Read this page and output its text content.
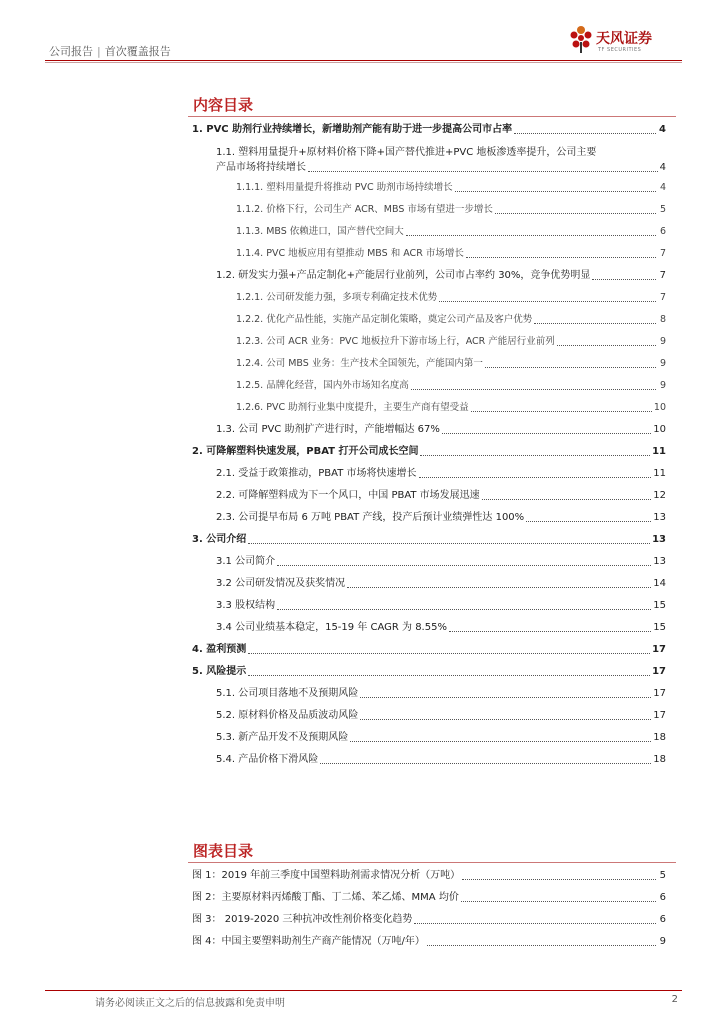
公司报告 | 首次覆盖报告
天风证券
TF SECURITIES
内容目录
1. PVC 助剂行业持续增长，新增助剂产能有助于进一步提高公司市占率	4
1.1. 塑料用量提升+原材料价格下降+国产替代推进+PVC 地板渗透率提升，公司主要
产品市场将持续增长	4
1.1.1. 塑料用量提升将推动 PVC 助剂市场持续增长	4
1.1.2. 价格下行，公司生产 ACR、MBS 市场有望进一步增长	5
1.1.3. MBS 依赖进口，国产替代空间大	6
1.1.4. PVC 地板应用有望推动 MBS 和 ACR 市场增长	7
1.2. 研发实力强+产品定制化+产能居行业前列，公司市占率约 30%，竞争优势明显	7
1.2.1. 公司研发能力强，多项专利确定技术优势	7
1.2.2. 优化产品性能，实施产品定制化策略，奠定公司产品及客户优势	8
1.2.3. 公司 ACR 业务：PVC 地板拉升下游市场上行，ACR 产能居行业前列	9
1.2.4. 公司 MBS 业务：生产技术全国领先，产能国内第一	9
1.2.5. 品牌化经营，国内外市场知名度高	9
1.2.6. PVC 助剂行业集中度提升，主要生产商有望受益	10
1.3. 公司 PVC 助剂扩产进行时，产能增幅达 67%	10
2. 可降解塑料快速发展，PBAT 打开公司成长空间	11
2.1. 受益于政策推动，PBAT 市场将快速增长	11
2.2. 可降解塑料成为下一个风口，中国 PBAT 市场发展迅速	12
2.3. 公司提早布局 6 万吨 PBAT 产线，投产后预计业绩弹性达 100%	13
3. 公司介绍	13
3.1 公司简介	13
3.2 公司研发情况及获奖情况	14
3.3 股权结构	15
3.4 公司业绩基本稳定，15-19 年 CAGR 为 8.55%	15
4. 盈利预测	17
5. 风险提示	17
5.1. 公司项目落地不及预期风险	17
5.2. 原材料价格及品质波动风险	17
5.3. 新产品开发不及预期风险	18
5.4. 产品价格下滑风险	18
图表目录
图 1：2019 年前三季度中国塑料助剂需求情况分析（万吨）	5
图 2：主要原材料丙烯酸丁酯、丁二烯、苯乙烯、MMA 均价	6
图 3： 2019-2020 三种抗冲改性剂价格变化趋势	6
图 4：中国主要塑料助剂生产商产能情况（万吨/年）	9
请务必阅读正文之后的信息披露和免责申明	2
